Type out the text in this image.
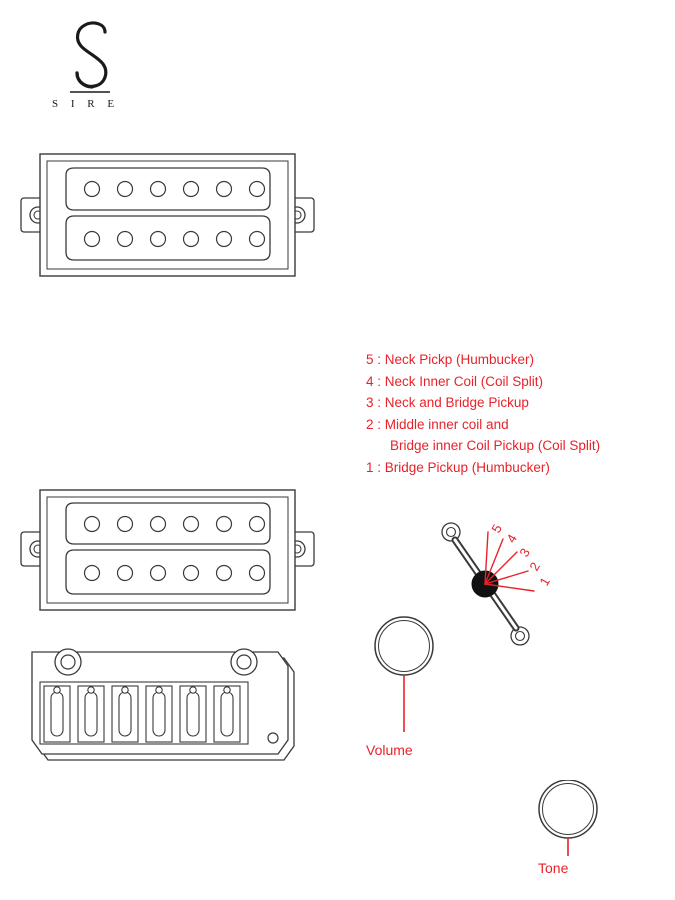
S I R E
5 : Neck Pickp (Humbucker)
4 : Neck Inner Coil (Coil Split)
3 : Neck and Bridge Pickup
2 : Middle inner coil and
Bridge inner Coil Pickup (Coil Split)
1 : Bridge Pickup (Humbucker)
5
4
3
2
1
Volume
Tone
